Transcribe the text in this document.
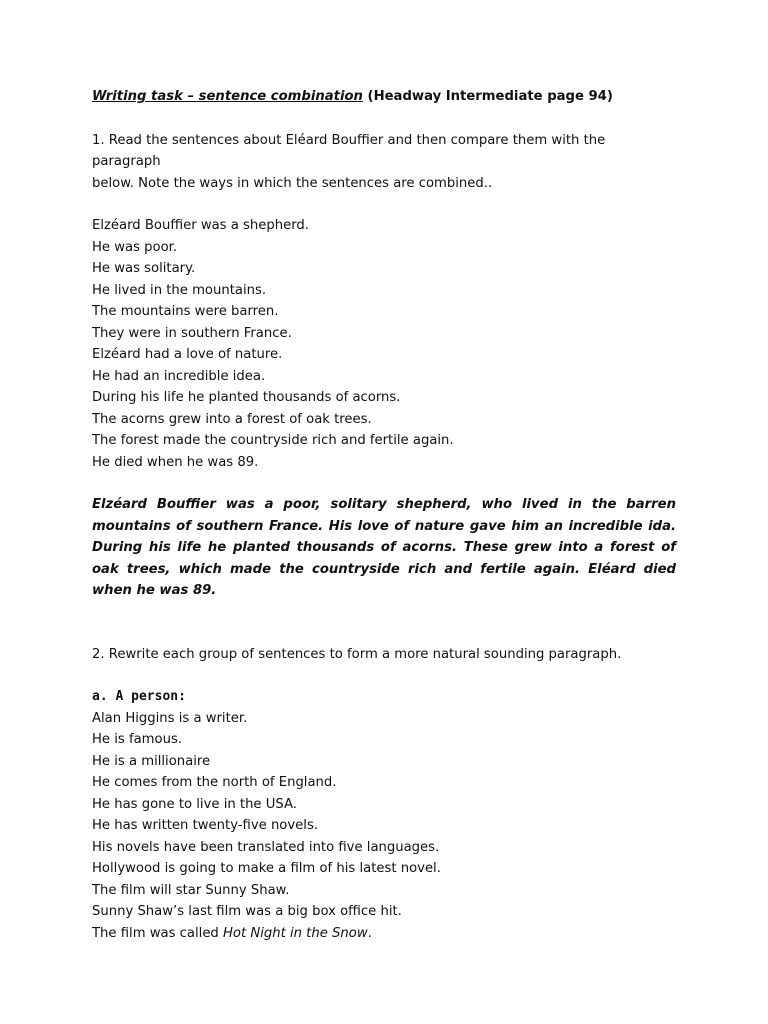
Writing task – sentence combination (Headway Intermediate page 94)

1. Read the sentences about Eléard Bouffier and then compare them with the paragraph

below. Note the ways in which the sentences are combined..

Elzéard Bouffier was a shepherd.
He was poor.
He was solitary.
He lived in the mountains.
The mountains were barren.
They were in southern France.
Elzéard had a love of nature.
He had an incredible idea.
During his life he planted thousands of acorns.
The acorns grew into a forest of oak trees.
The forest made the countryside rich and fertile again.
He died when he was 89.

Elzéard Bouffier was a poor, solitary shepherd, who lived in the barren mountains of southern France. His love of nature gave him an incredible ida. During his life he planted thousands of acorns. These grew into a forest of oak trees, which made the countryside rich and fertile again. Eléard died when he was 89.

2. Rewrite each group of sentences to form a more natural sounding paragraph.

a. A person:

Alan Higgins is a writer.
He is famous.
He is a millionaire
He comes from the north of England.
He has gone to live in the USA.
He has written twenty-five novels.
His novels have been translated into five languages.
Hollywood is going to make a film of his latest novel.
The film will star Sunny Shaw.
Sunny Shaw’s last film was a big box office hit.
The film was called Hot Night in the Snow.
